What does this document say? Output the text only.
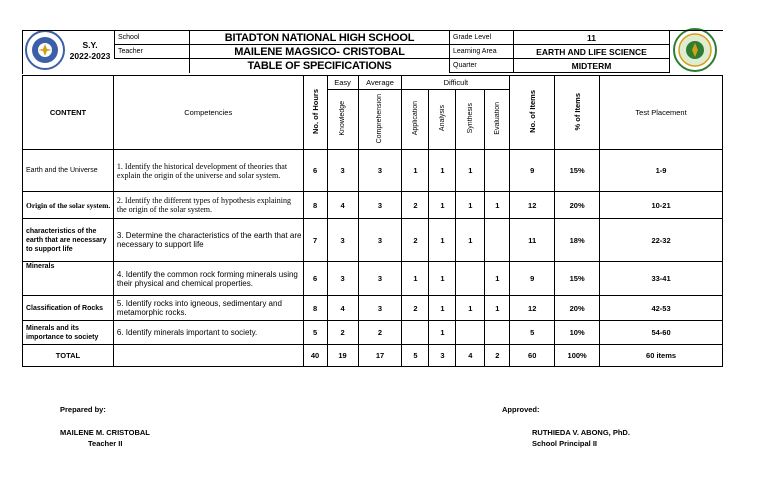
S.Y.
2022-2023
School	BITADTON NATIONAL HIGH SCHOOL	Grade Level	11
Teacher	MAILENE MAGSICO- CRISTOBAL	Learning Area	EARTH AND LIFE SCIENCE
	TABLE OF SPECIFICATIONS	Quarter	MIDTERM
CONTENT	Competencies	No. of Hours	Easy	Average	Difficult				No. of Items	% of Items	Test Placement
			Knowledge	Comprehension	Application	Analysis	Synthesis	Evaluation			
Earth and the Universe	1. Identify the historical development of theories that explain the origin of the universe and solar system.	6	3	3	1	1	1		9	15%	1-9
Origin of the solar system.	2. Identify the different types of hypothesis explaining the origin of the solar system.	8	4	3	2	1	1	1	12	20%	10-21
characteristics of the earth that are necessary to support life	3. Determine the characteristics of the earth that are necessary to support life	7	3	3	2	1	1		11	18%	22-32
Minerals	4. Identify the common rock forming minerals using their physical and chemical properties.	6	3	3	1	1		1	9	15%	33-41
Classification of Rocks	5. Identify rocks into igneous, sedimentary and metamorphic rocks.	8	4	3	2	1	1	1	12	20%	42-53
Minerals and its importance to society	6. Identify minerals important to society.	5	2	2		1			5	10%	54-60
TOTAL		40	19	17	5	3	4	2	60	100%	60 items
Prepared by:
MAILENE M. CRISTOBAL
Teacher II
Approved:
RUTHIEDA V. ABONG, PhD.
School Principal II
